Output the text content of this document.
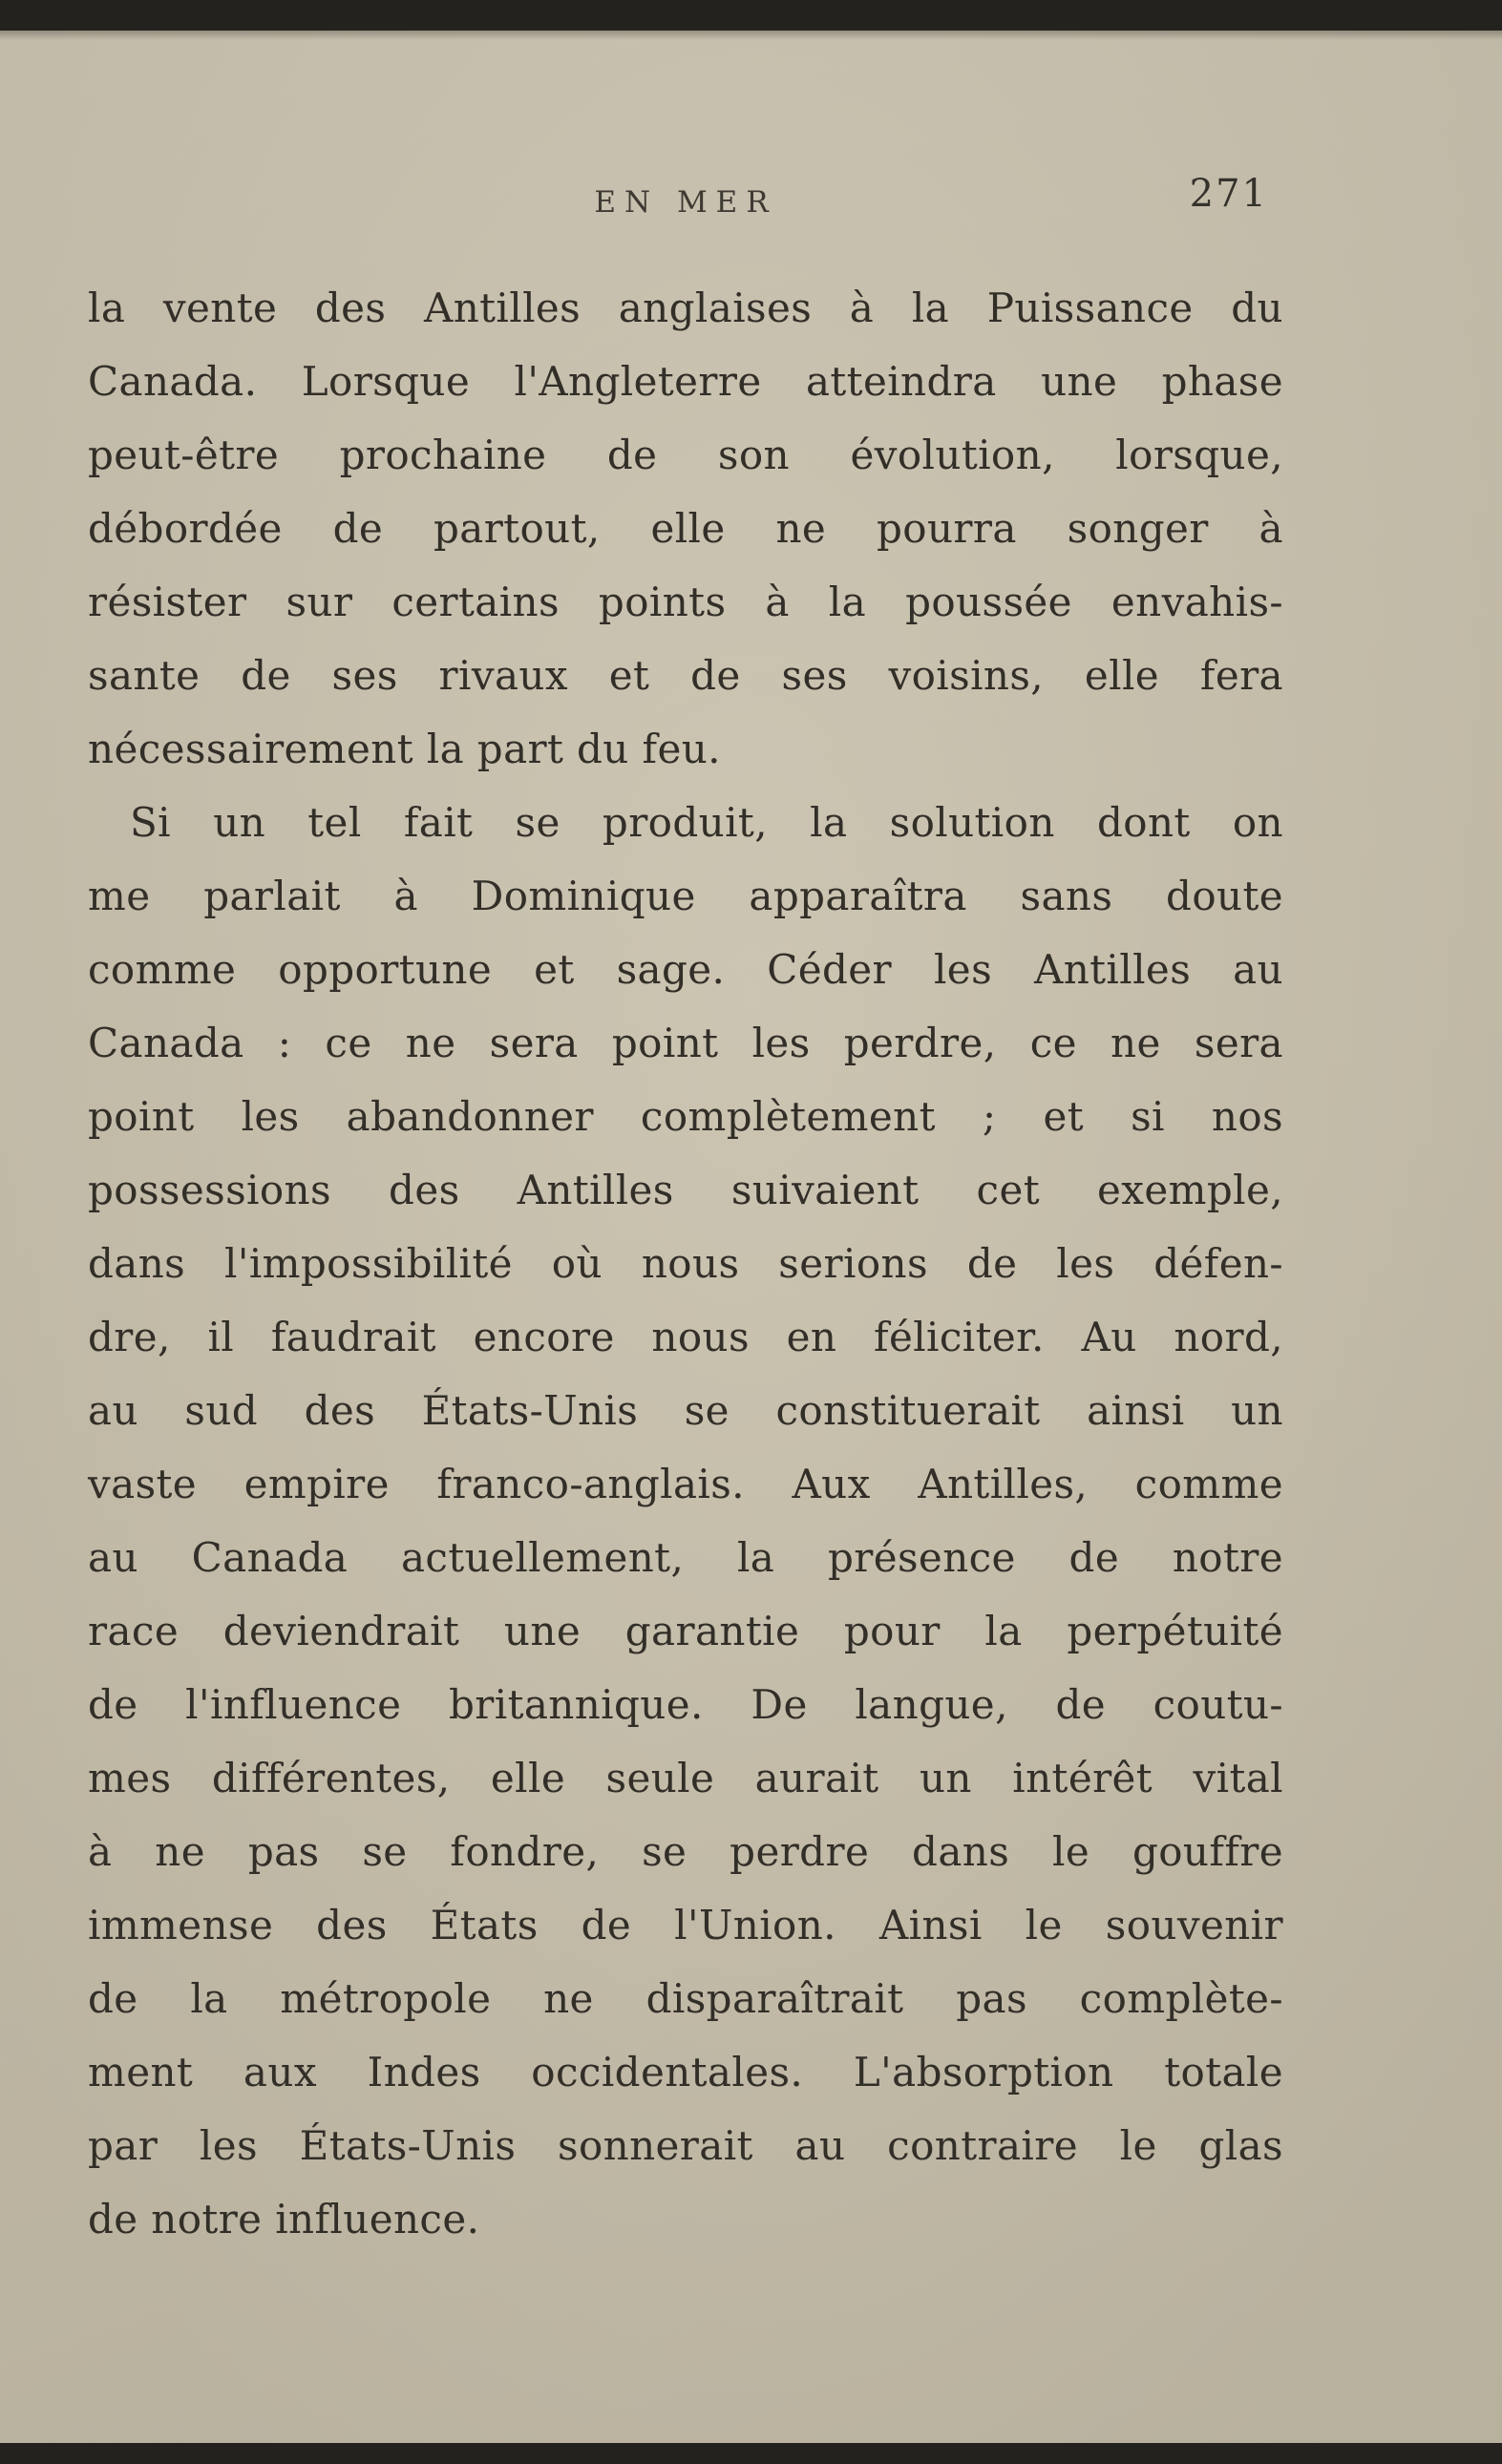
EN MER	271
la vente des Antilles anglaises à la Puissance du
Canada. Lorsque l'Angleterre atteindra une phase
peut-être prochaine de son évolution, lorsque,
débordée de partout, elle ne pourra songer à
résister sur certains points à la poussée envahis-
sante de ses rivaux et de ses voisins, elle fera
nécessairement la part du feu.
Si un tel fait se produit, la solution dont on
me parlait à Dominique apparaîtra sans doute
comme opportune et sage. Céder les Antilles au
Canada : ce ne sera point les perdre, ce ne sera
point les abandonner complètement ; et si nos
possessions des Antilles suivaient cet exemple,
dans l'impossibilité où nous serions de les défen-
dre, il faudrait encore nous en féliciter. Au nord,
au sud des États-Unis se constituerait ainsi un
vaste empire franco-anglais. Aux Antilles, comme
au Canada actuellement, la présence de notre
race deviendrait une garantie pour la perpétuité
de l'influence britannique. De langue, de coutu-
mes différentes, elle seule aurait un intérêt vital
à ne pas se fondre, se perdre dans le gouffre
immense des États de l'Union. Ainsi le souvenir
de la métropole ne disparaîtrait pas complète-
ment aux Indes occidentales. L'absorption totale
par les États-Unis sonnerait au contraire le glas
de notre influence.
